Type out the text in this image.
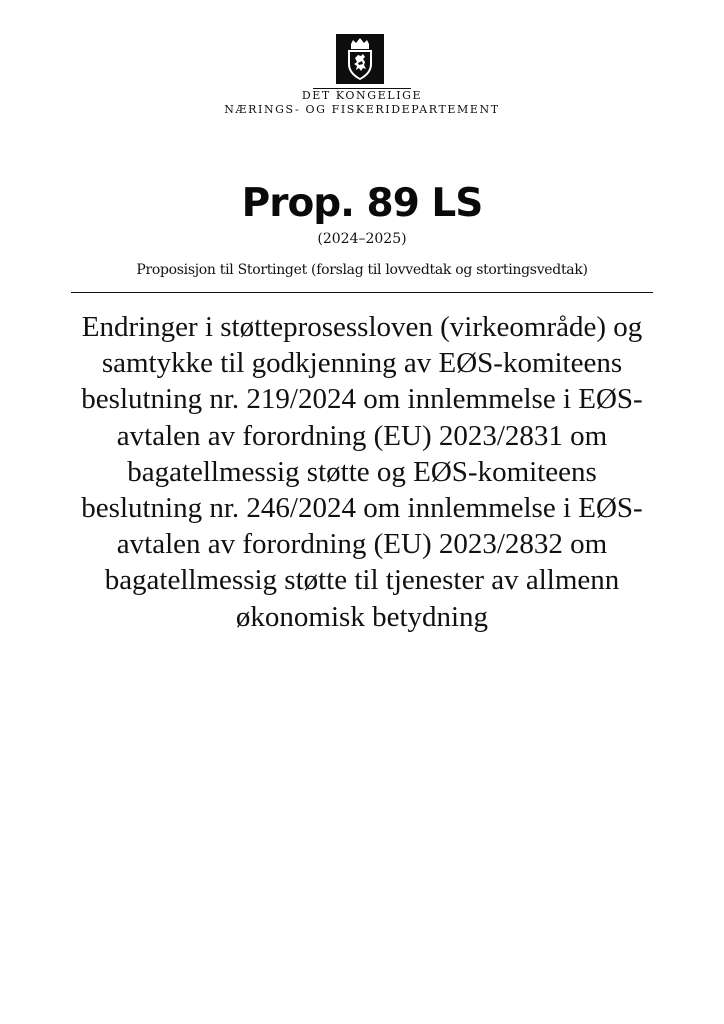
DET KONGELIGE
NÆRINGS- OG FISKERIDEPARTEMENT
Prop. 89 LS
(2024–2025)
Proposisjon til Stortinget (forslag til lovvedtak og stortingsvedtak)
Endringer i støtteprosessloven (virkeområde) og samtykke til godkjenning av EØS-komiteens beslutning nr. 219/2024 om innlemmelse i EØS-avtalen av forordning (EU) 2023/2831 om bagatellmessig støtte og EØS-komiteens beslutning nr. 246/2024 om innlemmelse i EØS-avtalen av forordning (EU) 2023/2832 om bagatellmessig støtte til tjenester av allmenn økonomisk betydning
